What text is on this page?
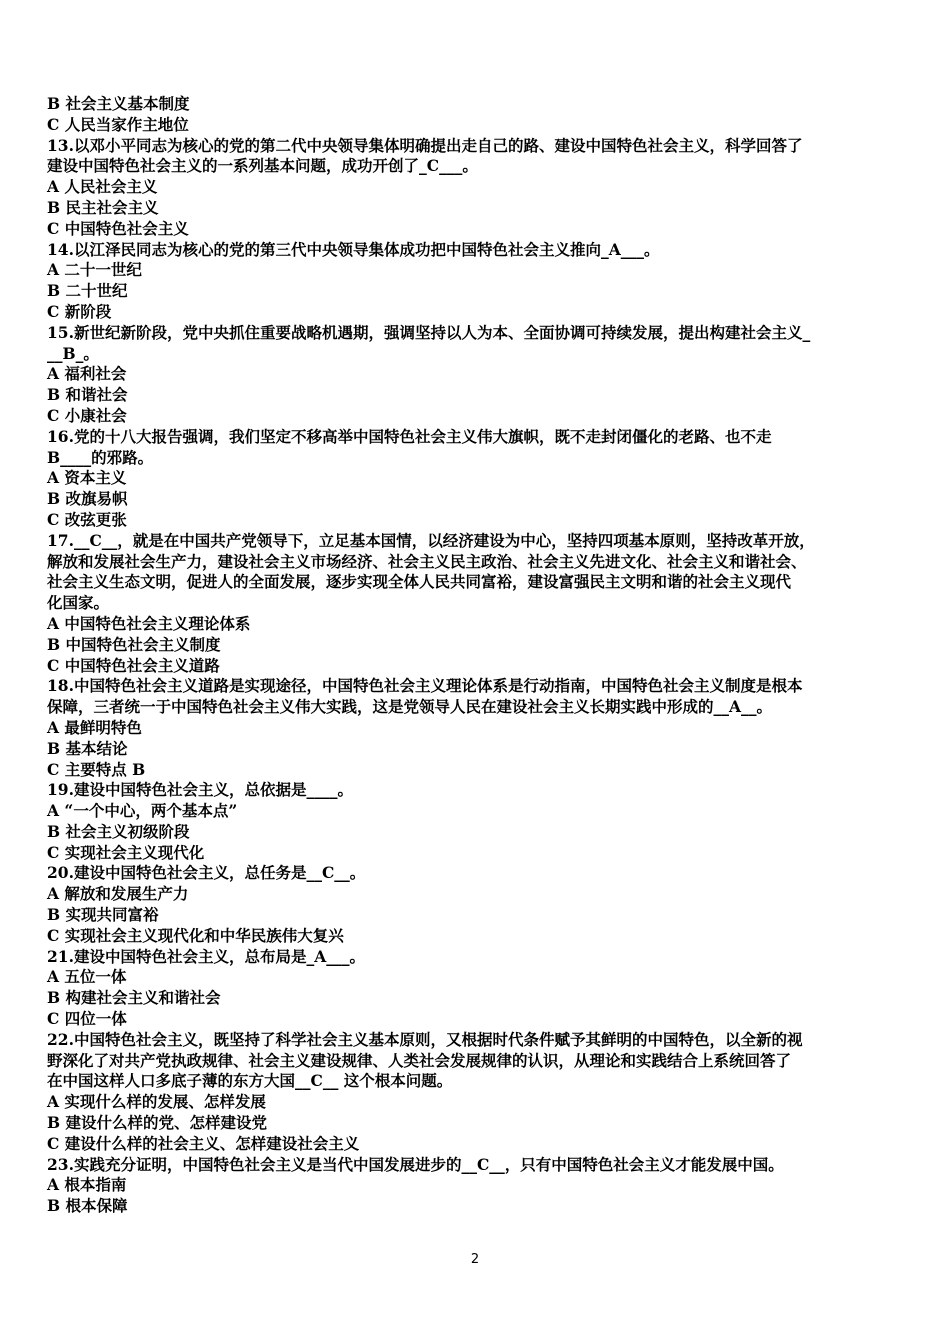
B 社会主义基本制度
C 人民当家作主地位
13.以邓小平同志为核心的党的第二代中央领导集体明确提出走自己的路、建设中国特色社会主义，科学回答了
建设中国特色社会主义的一系列基本问题，成功开创了_C___。
A 人民社会主义
B 民主社会主义
C 中国特色社会主义
14.以江泽民同志为核心的党的第三代中央领导集体成功把中国特色社会主义推向_A___。
A 二十一世纪
B 二十世纪
C 新阶段
15.新世纪新阶段，党中央抓住重要战略机遇期，强调坚持以人为本、全面协调可持续发展，提出构建社会主义_
__B_。
A 福利社会
B 和谐社会
C 小康社会
16.党的十八大报告强调，我们坚定不移高举中国特色社会主义伟大旗帜，既不走封闭僵化的老路、也不走
B____的邪路。
A 资本主义
B 改旗易帜
C 改弦更张
17.__C__，就是在中国共产党领导下，立足基本国情，以经济建设为中心，坚持四项基本原则，坚持改革开放，
解放和发展社会生产力，建设社会主义市场经济、社会主义民主政治、社会主义先进文化、社会主义和谐社会、
社会主义生态文明，促进人的全面发展，逐步实现全体人民共同富裕，建设富强民主文明和谐的社会主义现代
化国家。
A 中国特色社会主义理论体系
B 中国特色社会主义制度
C 中国特色社会主义道路
18.中国特色社会主义道路是实现途径，中国特色社会主义理论体系是行动指南，中国特色社会主义制度是根本
保障，三者统一于中国特色社会主义伟大实践，这是党领导人民在建设社会主义长期实践中形成的__A__。
A 最鲜明特色
B 基本结论
C 主要特点 B
19.建设中国特色社会主义，总依据是____。
A “一个中心，两个基本点”
B 社会主义初级阶段
C 实现社会主义现代化
20.建设中国特色社会主义，总任务是__C__。
A 解放和发展生产力
B 实现共同富裕
C 实现社会主义现代化和中华民族伟大复兴
21.建设中国特色社会主义，总布局是_A___。
A 五位一体
B 构建社会主义和谐社会
C 四位一体
22.中国特色社会主义，既坚持了科学社会主义基本原则，又根据时代条件赋予其鲜明的中国特色，以全新的视
野深化了对共产党执政规律、社会主义建设规律、人类社会发展规律的认识，从理论和实践结合上系统回答了
在中国这样人口多底子薄的东方大国__C__ 这个根本问题。
A 实现什么样的发展、怎样发展
B 建设什么样的党、怎样建设党
C 建设什么样的社会主义、怎样建设社会主义
23.实践充分证明，中国特色社会主义是当代中国发展进步的__C__，只有中国特色社会主义才能发展中国。
A 根本指南
B 根本保障
2
